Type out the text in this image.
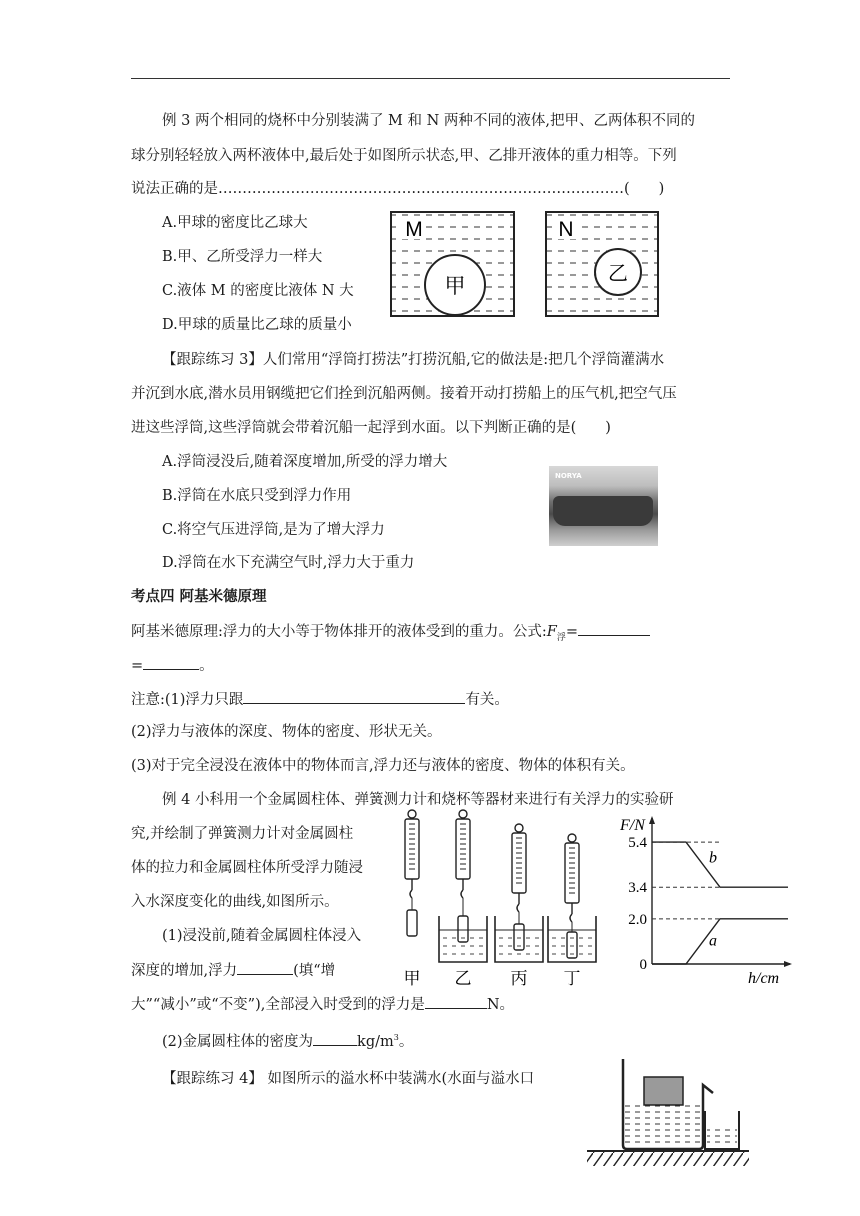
例 3 两个相同的烧杯中分别装满了 M 和 N 两种不同的液体,把甲、乙两体积不同的
球分别轻轻放入两杯液体中,最后处于如图所示状态,甲、乙排开液体的重力相等。下列
说法正确的是…………………………………………………………………………(　　)
A.甲球的密度比乙球大
B.甲、乙所受浮力一样大
C.液体 M 的密度比液体 N 大
D.甲球的质量比乙球的质量小
M
甲
N
乙
【跟踪练习 3】人们常用“浮筒打捞法”打捞沉船,它的做法是:把几个浮筒灌满水
并沉到水底,潜水员用钢缆把它们拴到沉船两侧。接着开动打捞船上的压气机,把空气压
进这些浮筒,这些浮筒就会带着沉船一起浮到水面。以下判断正确的是(　　)
A.浮筒浸没后,随着深度增加,所受的浮力增大
B.浮筒在水底只受到浮力作用
C.将空气压进浮筒,是为了增大浮力
D.浮筒在水下充满空气时,浮力大于重力
NORYA
考点四 阿基米德原理
阿基米德原理:浮力的大小等于物体排开的液体受到的重力。公式$:F_浮=$
=	。
注意:(1)浮力只跟	有关。
(2)浮力与液体的深度、物体的密度、形状无关。
(3)对于完全浸没在液体中的物体而言,浮力还与液体的密度、物体的体积有关。
例 4 小科用一个金属圆柱体、弹簧测力计和烧杯等器材来进行有关浮力的实验研
究,并绘制了弹簧测力计对金属圆柱
体的拉力和金属圆柱体所受浮力随浸
入水深度变化的曲线,如图所示。
(1)浸没前,随着金属圆柱体浸入
深度的增加,浮力	(填“增
大”“减小”或“不变”),全部浸入时受到的浮力是	N。
(2)金属圆柱体的密度为	$kg/m^3$。
甲 乙 丙 丁
5.4
3.4
2.0
0
b
a
F/N
h/cm
【跟踪练习 4】 如图所示的溢水杯中装满水(水面与溢水口
